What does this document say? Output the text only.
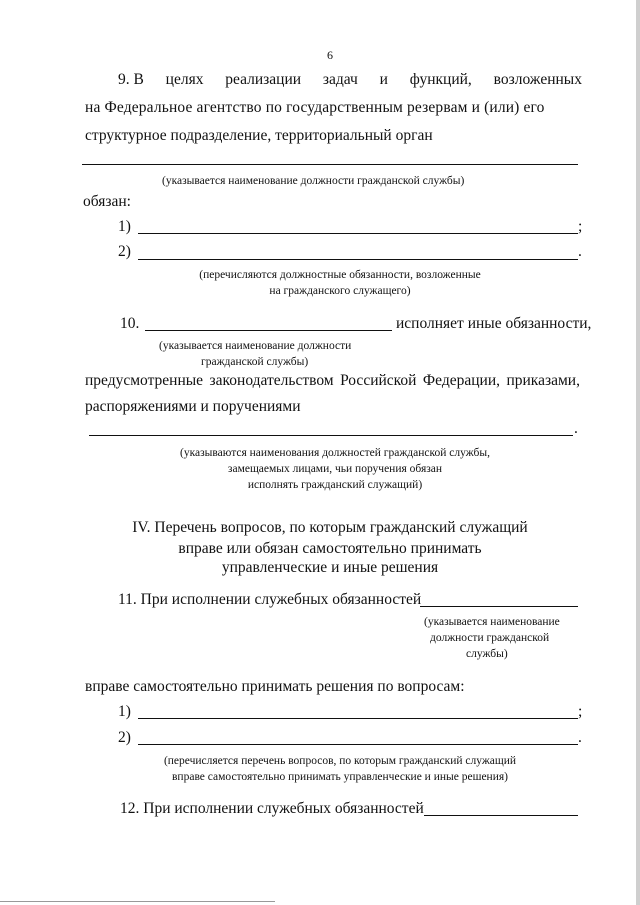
6
9. В целях реализации задач и функций, возложенных
на Федеральное агентство по государственным резервам и (или) его
структурное подразделение, территориальный орган
(указывается наименование должности гражданской службы)
обязан:
1)	;
2)	.
(перечисляются должностные обязанности, возложенные
на гражданского служащего)
10.	исполняет иные обязанности,
(указывается наименование должности
гражданской службы)
предусмотренные законодательством Российской Федерации, приказами,
распоряжениями и поручениями
.
(указываются наименования должностей гражданской службы,
замещаемых лицами, чьи поручения обязан
исполнять гражданский служащий)
IV. Перечень вопросов, по которым гражданский служащий
вправе или обязан самостоятельно принимать
управленческие и иные решения
11. При исполнении служебных обязанностей
(указывается наименование
должности гражданской
службы)
вправе самостоятельно принимать решения по вопросам:
1)	;
2)	.
(перечисляется перечень вопросов, по которым гражданский служащий
вправе самостоятельно принимать управленческие и иные решения)
12. При исполнении служебных обязанностей
